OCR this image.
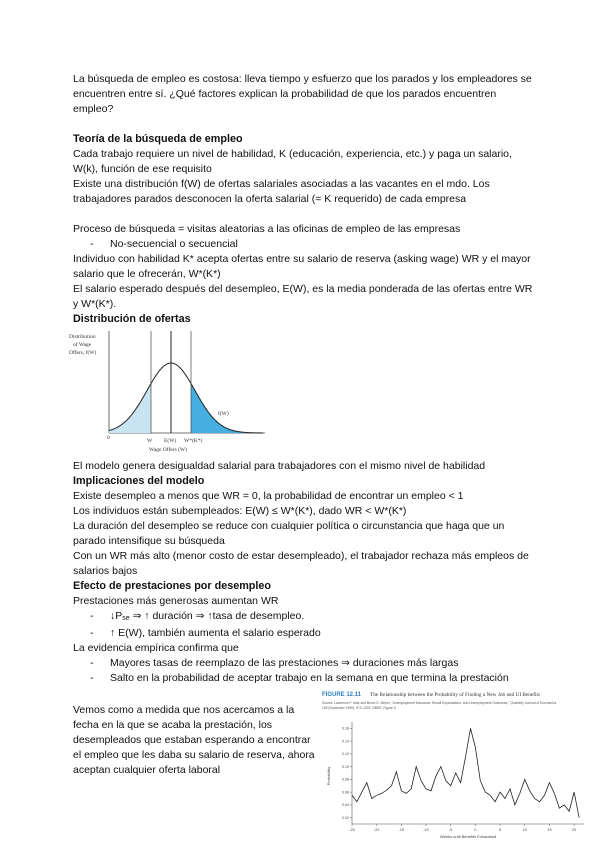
La búsqueda de empleo es costosa: lleva tiempo y esfuerzo que los parados y los empleadores se encuentren entre sí. ¿Qué factores explican la probabilidad de que los parados encuentren empleo?

Teoría de la búsqueda de empleo

Cada trabajo requiere un nivel de habilidad, K (educación, experiencia, etc.) y paga un salario, W(k), función de ese requisito

Existe una distribución f(W) de ofertas salariales asociadas a las vacantes en el mdo. Los trabajadores parados desconocen la oferta salarial (= K requerido) de cada empresa

Proceso de búsqueda = visitas aleatorias a las oficinas de empleo de las empresas

-	No-secuencial o secuencial

Individuo con habilidad K* acepta ofertas entre su salario de reserva (asking wage) WR y el mayor salario que le ofrecerán, W*(K*)

El salario esperado después del desempleo, E(W), es la media ponderada de las ofertas entre WR y W*(K*).

Distribución de ofertas

Distribution
of Wage
Offers, f(W)
f(W)
0	W E(W) W*(K*)
Wage Offers (W)

El modelo genera desigualdad salarial para trabajadores con el mismo nivel de habilidad

Implicaciones del modelo

Existe desempleo a menos que WR = 0, la probabilidad de encontrar un empleo < 1

Los individuos están subempleados: E(W) ≤ W*(K*), dado WR < W*(K*)

La duración del desempleo se reduce con cualquier política o circunstancia que haga que un parado intensifique su búsqueda

Con un WR más alto (menor costo de estar desempleado), el trabajador rechaza más empleos de salarios bajos

Efecto de prestaciones por desempleo

Prestaciones más generosas aumentan WR

-	↓Pse ⇒ ↑ duración ⇒ ↑tasa de desempleo.
-	↑ E(W), también aumenta el salario esperado

La evidencia empírica confirma que

-	Mayores tasas de reemplazo de las prestaciones ⇒ duraciones más largas
-	Salto en la probabilidad de aceptar trabajo en la semana en que termina la prestación

Vemos como a medida que nos acercamos a la fecha en la que se acaba la prestación, los desempleados que estaban esperando a encontrar el empleo que les daba su salario de reserva, ahora aceptan cualquier oferta laboral

FIGURE 12.11 The Relationship between the Probability of Finding a New Job and UI Benefits
Source: Lawrence F. Katz and Bruce D. Meyer, "Unemployment Insurance, Recall Expectations, and Unemployment Outcomes," Quarterly Journal of Economics
105 (November 1990): 973–1002. NBER, Figure II.
0.02
0.04
0.06
0.08
0.10
0.12
0.14
0.16
-25	-20	-15	-10	-5	0	5	10	15	20
Probability
Weeks until Benefits Exhausted
